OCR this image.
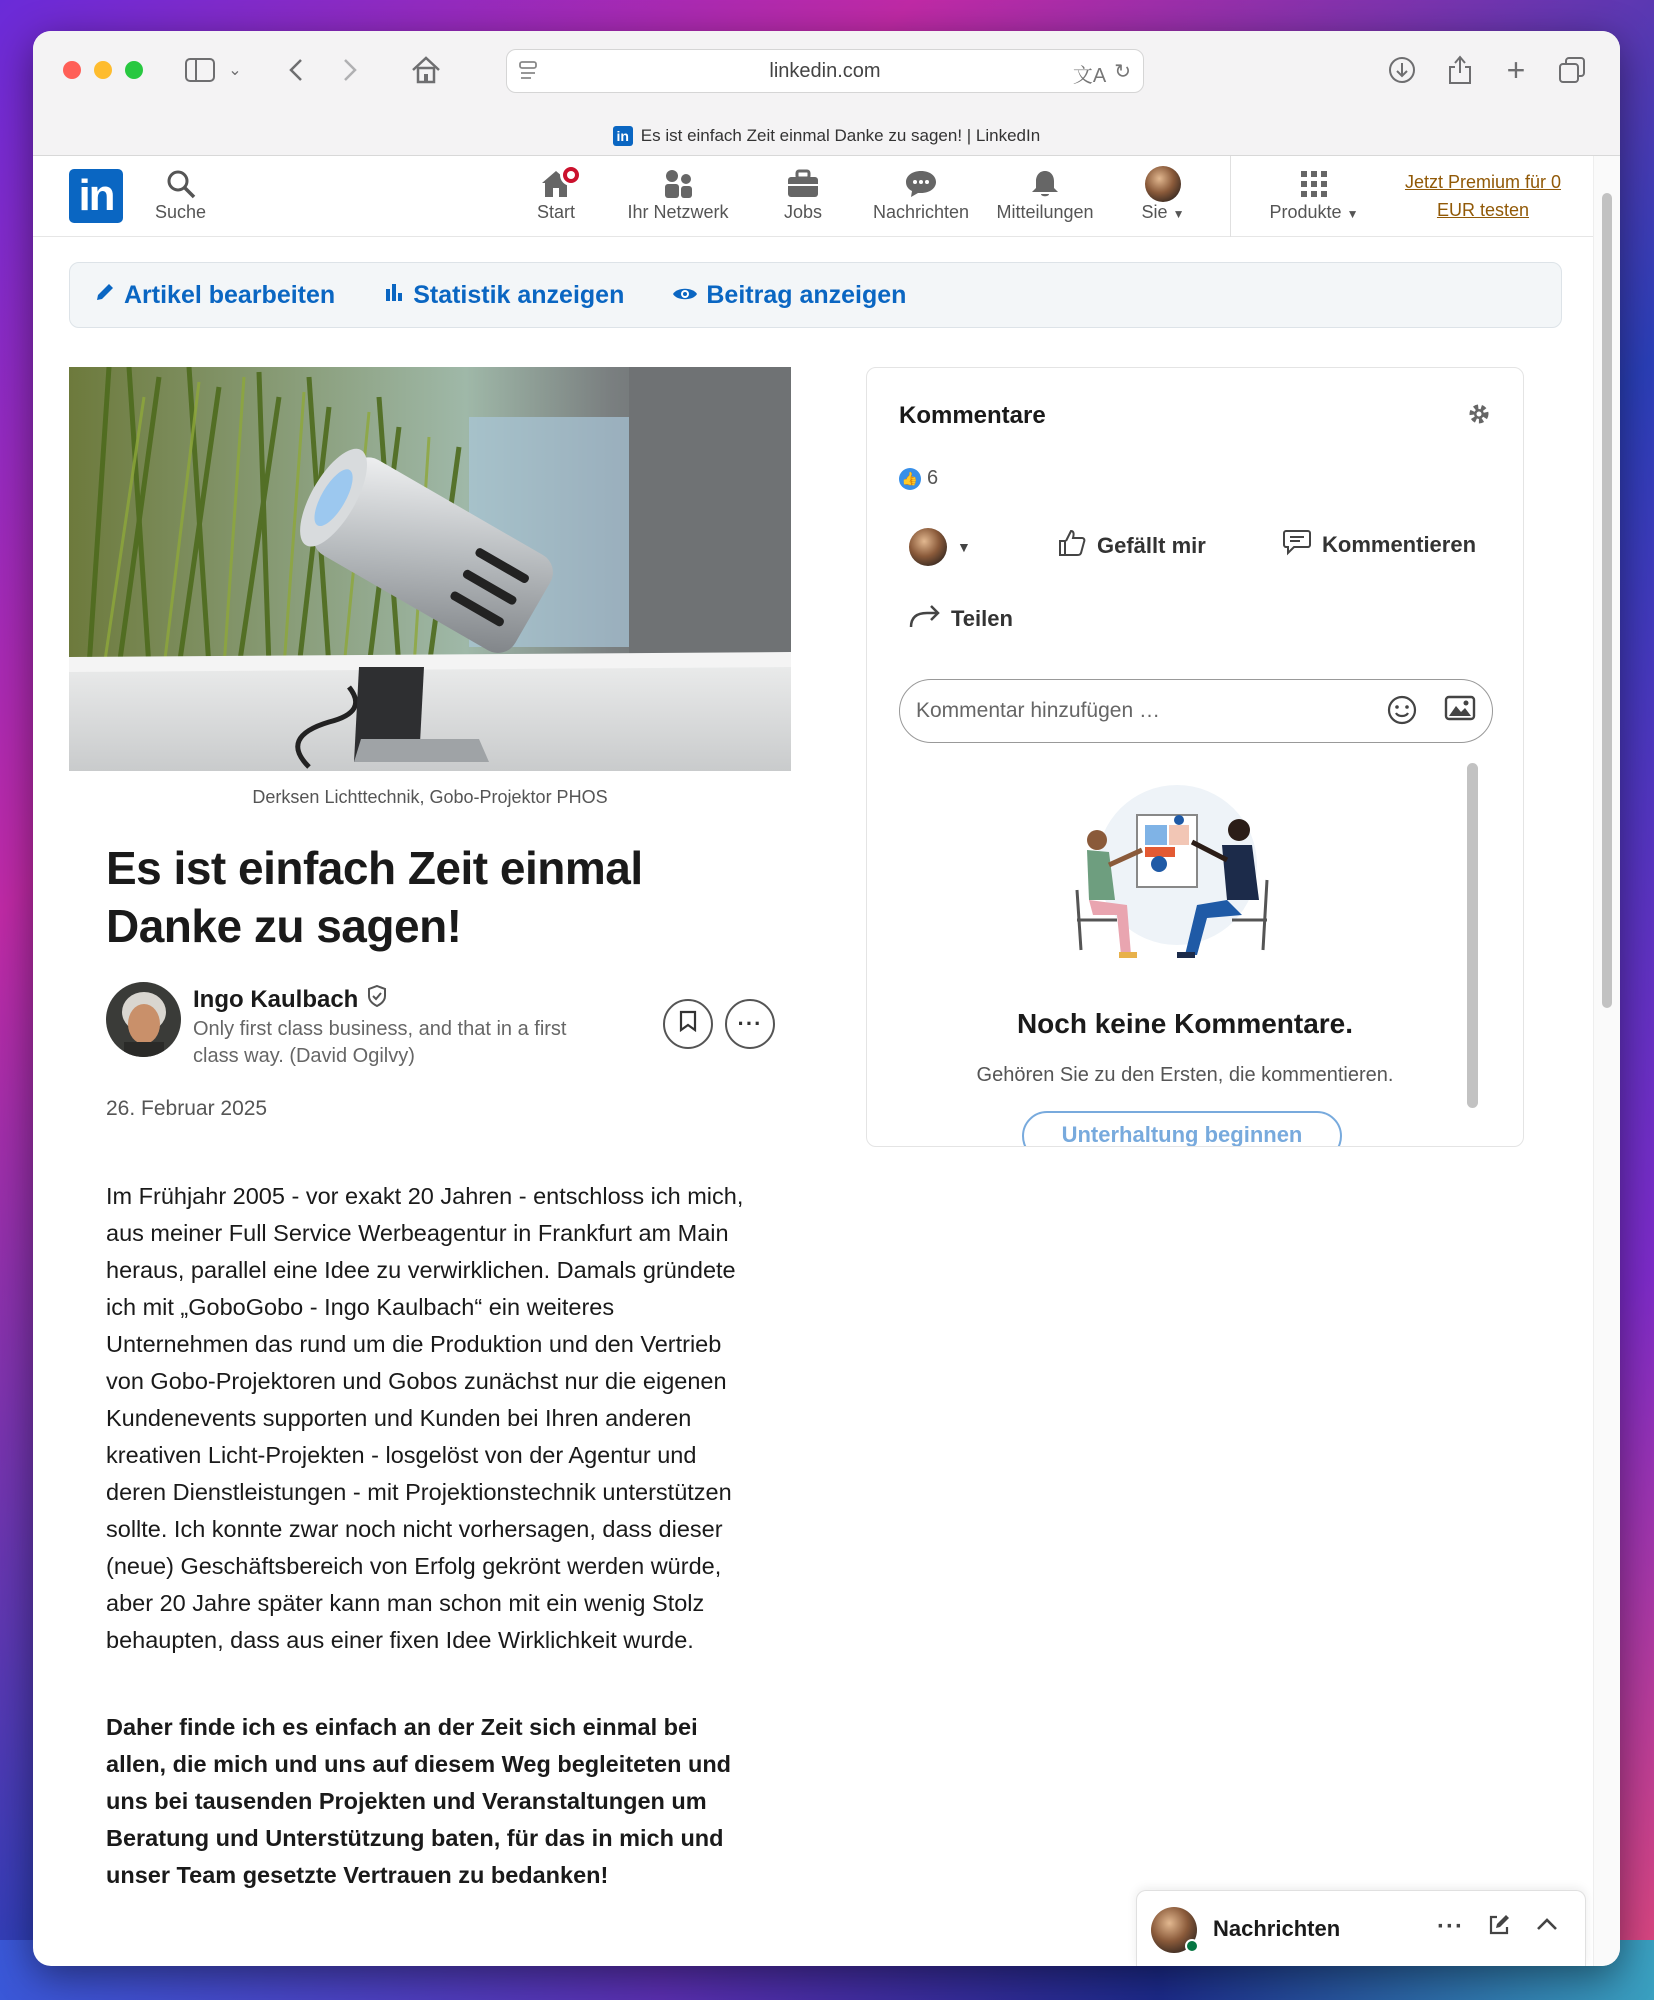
⌄	linkedin.com	文A ↻	+
in Es ist einfach Zeit einmal Danke zu sagen! | LinkedIn
in	Suche	Start	Ihr Netzwerk	Jobs	Nachrichten Mitteilungen	Sie ▼	Produkte ▼
Jetzt Premium für 0 EUR testen
Artikel bearbeiten	Statistik anzeigen	Beitrag anzeigen
Derksen Lichttechnik, Gobo-Projektor PHOS
Es ist einfach Zeit einmal Danke zu sagen!
Ingo Kaulbach
Only first class business, and that in a first class way. (David Ogilvy)
···
26. Februar 2025

Im Frühjahr 2005 - vor exakt 20 Jahren - entschloss ich mich, aus meiner Full Service Werbeagentur in Frankfurt am Main heraus, parallel eine Idee zu verwirklichen. Damals gründete ich mit „GoboGobo - Ingo Kaulbach“ ein weiteres Unternehmen das rund um die Produktion und den Vertrieb von Gobo-Projektoren und Gobos zunächst nur die eigenen Kundenevents supporten und Kunden bei Ihren anderen kreativen Licht-Projekten - losgelöst von der Agentur und deren Dienstleistungen - mit Projektionstechnik unterstützen sollte. Ich konnte zwar noch nicht vorhersagen, dass dieser (neue) Geschäftsbereich von Erfolg gekrönt werden würde, aber 20 Jahre später kann man schon mit ein wenig Stolz behaupten, dass aus einer fixen Idee Wirklichkeit wurde.

Daher finde ich es einfach an der Zeit sich einmal bei allen, die mich und uns auf diesem Weg begleiteten und uns bei tausenden Projekten und Veranstaltungen um Beratung und Unterstützung baten, für das in mich und unser Team gesetzte Vertrauen zu bedanken!

Kommentare
👍 6
▼	Gefällt mir	Kommentieren
Teilen
Kommentar hinzufügen …
Noch keine Kommentare.
Gehören Sie zu den Ersten, die kommentieren.
Unterhaltung beginnen
Nachrichten	···
